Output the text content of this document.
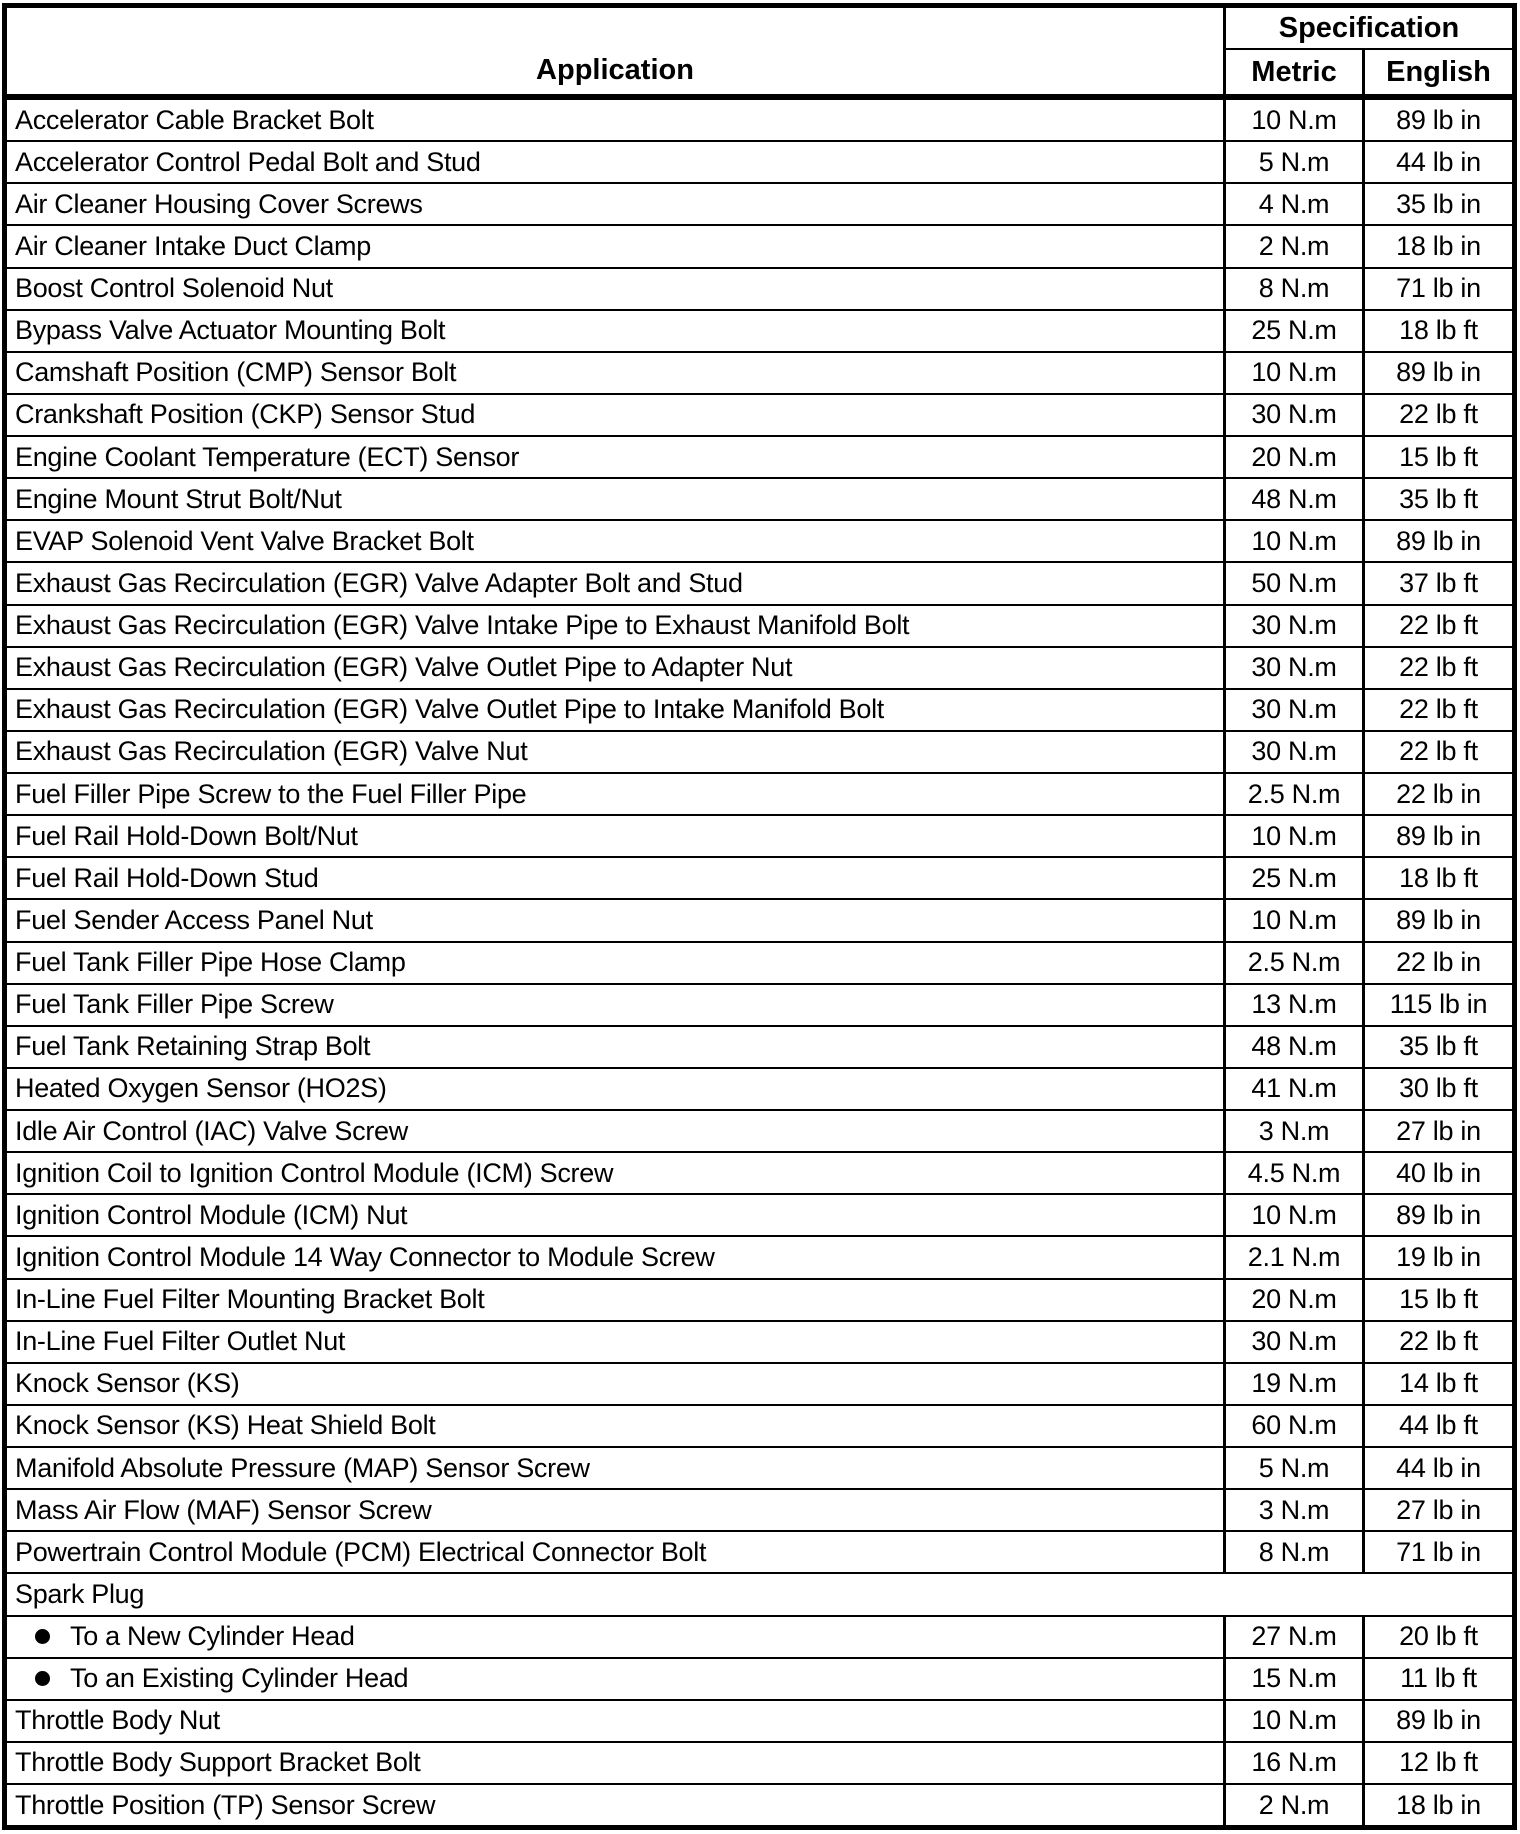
Application
Specification
Metric	English
Accelerator Cable Bracket Bolt	10 N.m	89 lb in
Accelerator Control Pedal Bolt and Stud	5 N.m	44 lb in
Air Cleaner Housing Cover Screws	4 N.m	35 lb in
Air Cleaner Intake Duct Clamp	2 N.m	18 lb in
Boost Control Solenoid Nut	8 N.m	71 lb in
Bypass Valve Actuator Mounting Bolt	25 N.m	18 lb ft
Camshaft Position (CMP) Sensor Bolt	10 N.m	89 lb in
Crankshaft Position (CKP) Sensor Stud	30 N.m	22 lb ft
Engine Coolant Temperature (ECT) Sensor	20 N.m	15 lb ft
Engine Mount Strut Bolt/Nut	48 N.m	35 lb ft
EVAP Solenoid Vent Valve Bracket Bolt	10 N.m	89 lb in
Exhaust Gas Recirculation (EGR) Valve Adapter Bolt and Stud	50 N.m	37 lb ft
Exhaust Gas Recirculation (EGR) Valve Intake Pipe to Exhaust Manifold Bolt	30 N.m	22 lb ft
Exhaust Gas Recirculation (EGR) Valve Outlet Pipe to Adapter Nut	30 N.m	22 lb ft
Exhaust Gas Recirculation (EGR) Valve Outlet Pipe to Intake Manifold Bolt	30 N.m	22 lb ft
Exhaust Gas Recirculation (EGR) Valve Nut	30 N.m	22 lb ft
Fuel Filler Pipe Screw to the Fuel Filler Pipe	2.5 N.m	22 lb in
Fuel Rail Hold-Down Bolt/Nut	10 N.m	89 lb in
Fuel Rail Hold-Down Stud	25 N.m	18 lb ft
Fuel Sender Access Panel Nut	10 N.m	89 lb in
Fuel Tank Filler Pipe Hose Clamp	2.5 N.m	22 lb in
Fuel Tank Filler Pipe Screw	13 N.m	115 lb in
Fuel Tank Retaining Strap Bolt	48 N.m	35 lb ft
Heated Oxygen Sensor (HO2S)	41 N.m	30 lb ft
Idle Air Control (IAC) Valve Screw	3 N.m	27 lb in
Ignition Coil to Ignition Control Module (ICM) Screw	4.5 N.m	40 lb in
Ignition Control Module (ICM) Nut	10 N.m	89 lb in
Ignition Control Module 14 Way Connector to Module Screw	2.1 N.m	19 lb in
In-Line Fuel Filter Mounting Bracket Bolt	20 N.m	15 lb ft
In-Line Fuel Filter Outlet Nut	30 N.m	22 lb ft
Knock Sensor (KS)	19 N.m	14 lb ft
Knock Sensor (KS) Heat Shield Bolt	60 N.m	44 lb ft
Manifold Absolute Pressure (MAP) Sensor Screw	5 N.m	44 lb in
Mass Air Flow (MAF) Sensor Screw	3 N.m	27 lb in
Powertrain Control Module (PCM) Electrical Connector Bolt	8 N.m	71 lb in
Spark Plug
To a New Cylinder Head	27 N.m	20 lb ft
To an Existing Cylinder Head	15 N.m	11 lb ft
Throttle Body Nut	10 N.m	89 lb in
Throttle Body Support Bracket Bolt	16 N.m	12 lb ft
Throttle Position (TP) Sensor Screw	2 N.m	18 lb in
